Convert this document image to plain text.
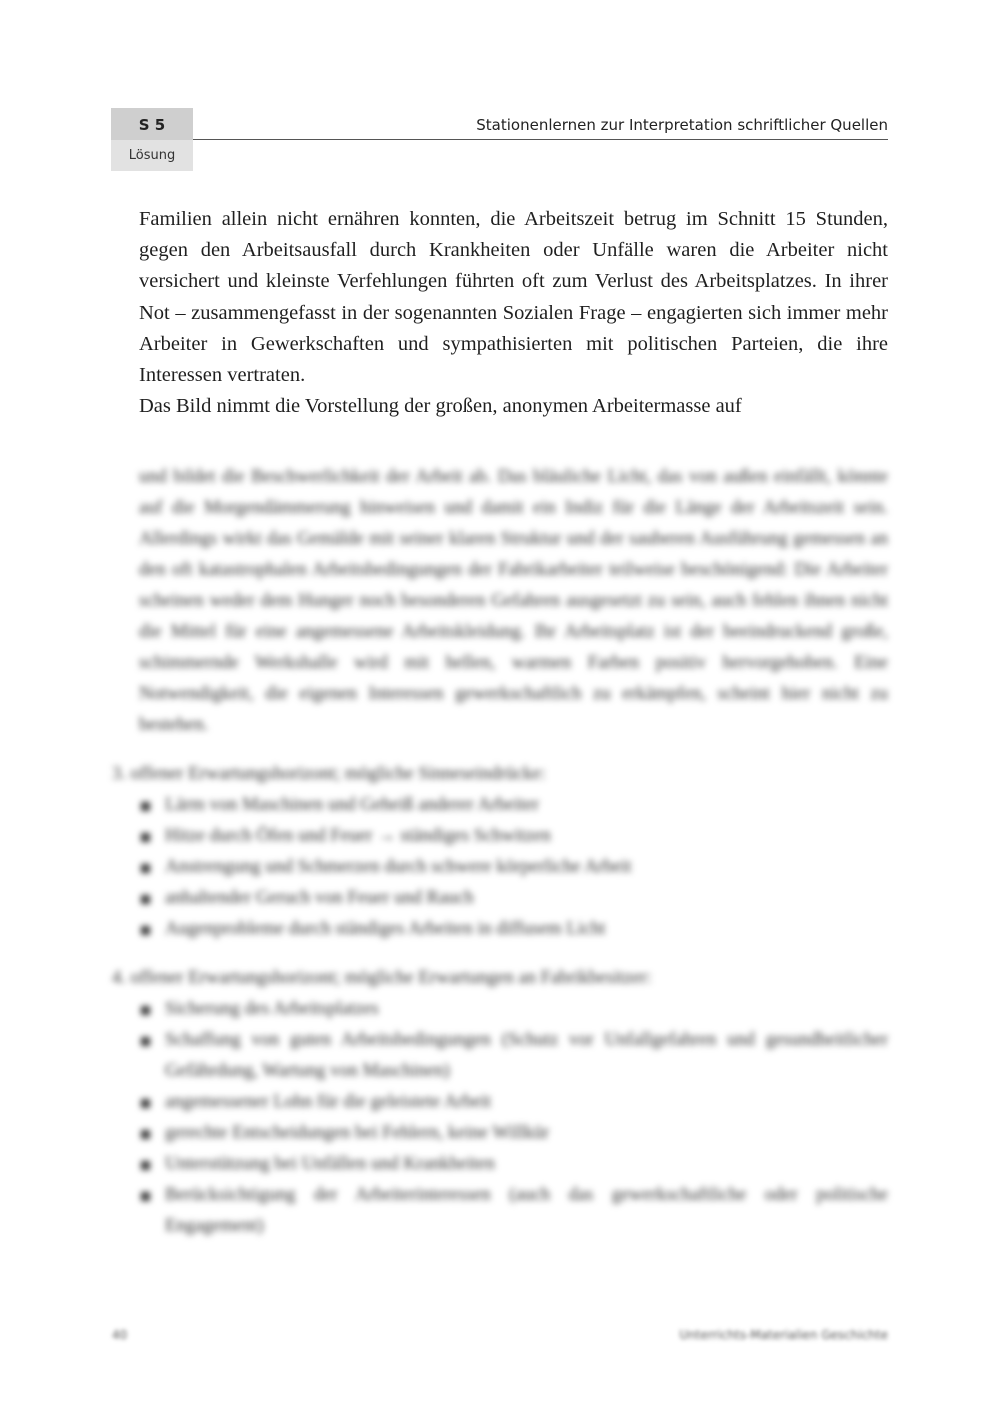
S 5
Lösung
Stationenlernen zur Interpretation schriftlicher Quellen

Familien allein nicht ernähren konnten, die Arbeitszeit betrug im Schnitt 15 Stunden, gegen den Arbeitsausfall durch Krankheiten oder Unfälle waren die Arbeiter nicht versichert und kleinste Verfehlungen führten oft zum Verlust des Arbeitsplatzes. In ihrer Not – zusammengefasst in der sogenannten Sozialen Frage – engagierten sich immer mehr Arbeiter in Gewerkschaften und sympathisierten mit politischen Parteien, die ihre Interessen vertraten.

Das Bild nimmt die Vorstellung der großen, anonymen Arbeitermasse auf

und bildet die Beschwerlichkeit der Arbeit ab. Das bläuliche Licht, das von außen einfällt, könnte auf die Morgendämmerung hinweisen und damit ein Indiz für die Länge der Arbeitszeit sein. Allerdings wirkt das Gemälde mit seiner klaren Struktur und der sauberen Ausführung gemessen an den oft katastrophalen Arbeitsbedingungen der Fabrikarbeiter teilweise beschönigend: Die Arbeiter scheinen weder dem Hunger noch besonderen Gefahren ausgesetzt zu sein, auch fehlen ihnen nicht die Mittel für eine angemessene Arbeitskleidung. Ihr Arbeitsplatz ist der beeindruckend große, schimmernde Werkshalle wird mit hellen, warmen Farben positiv hervorgehoben. Eine Notwendigkeit, die eigenen Interessen gewerkschaftlich zu erkämpfen, scheint hier nicht zu bestehen.

3. offener Erwartungshorizont; mögliche Sinneseindrücke:

Lärm von Maschinen und Geheiß anderer Arbeiter
Hitze durch Öfen und Feuer → ständiges Schwitzen
Anstrengung und Schmerzen durch schwere körperliche Arbeit
anhaltender Geruch von Feuer und Rauch
Augenprobleme durch ständiges Arbeiten in diffusem Licht

4. offener Erwartungshorizont; mögliche Erwartungen an Fabrikbesitzer:

Sicherung des Arbeitsplatzes
Schaffung von guten Arbeitsbedingungen (Schutz vor Unfallgefahren und gesundheitlicher Gefährdung, Wartung von Maschinen)
angemessener Lohn für die geleistete Arbeit
gerechte Entscheidungen bei Fehlern, keine Willkür
Unterstützung bei Unfällen und Krankheiten
Berücksichtigung der Arbeiterinteressen (auch das gewerkschaftliche oder politische Engagement)
40	Unterrichts-Materialien Geschichte
